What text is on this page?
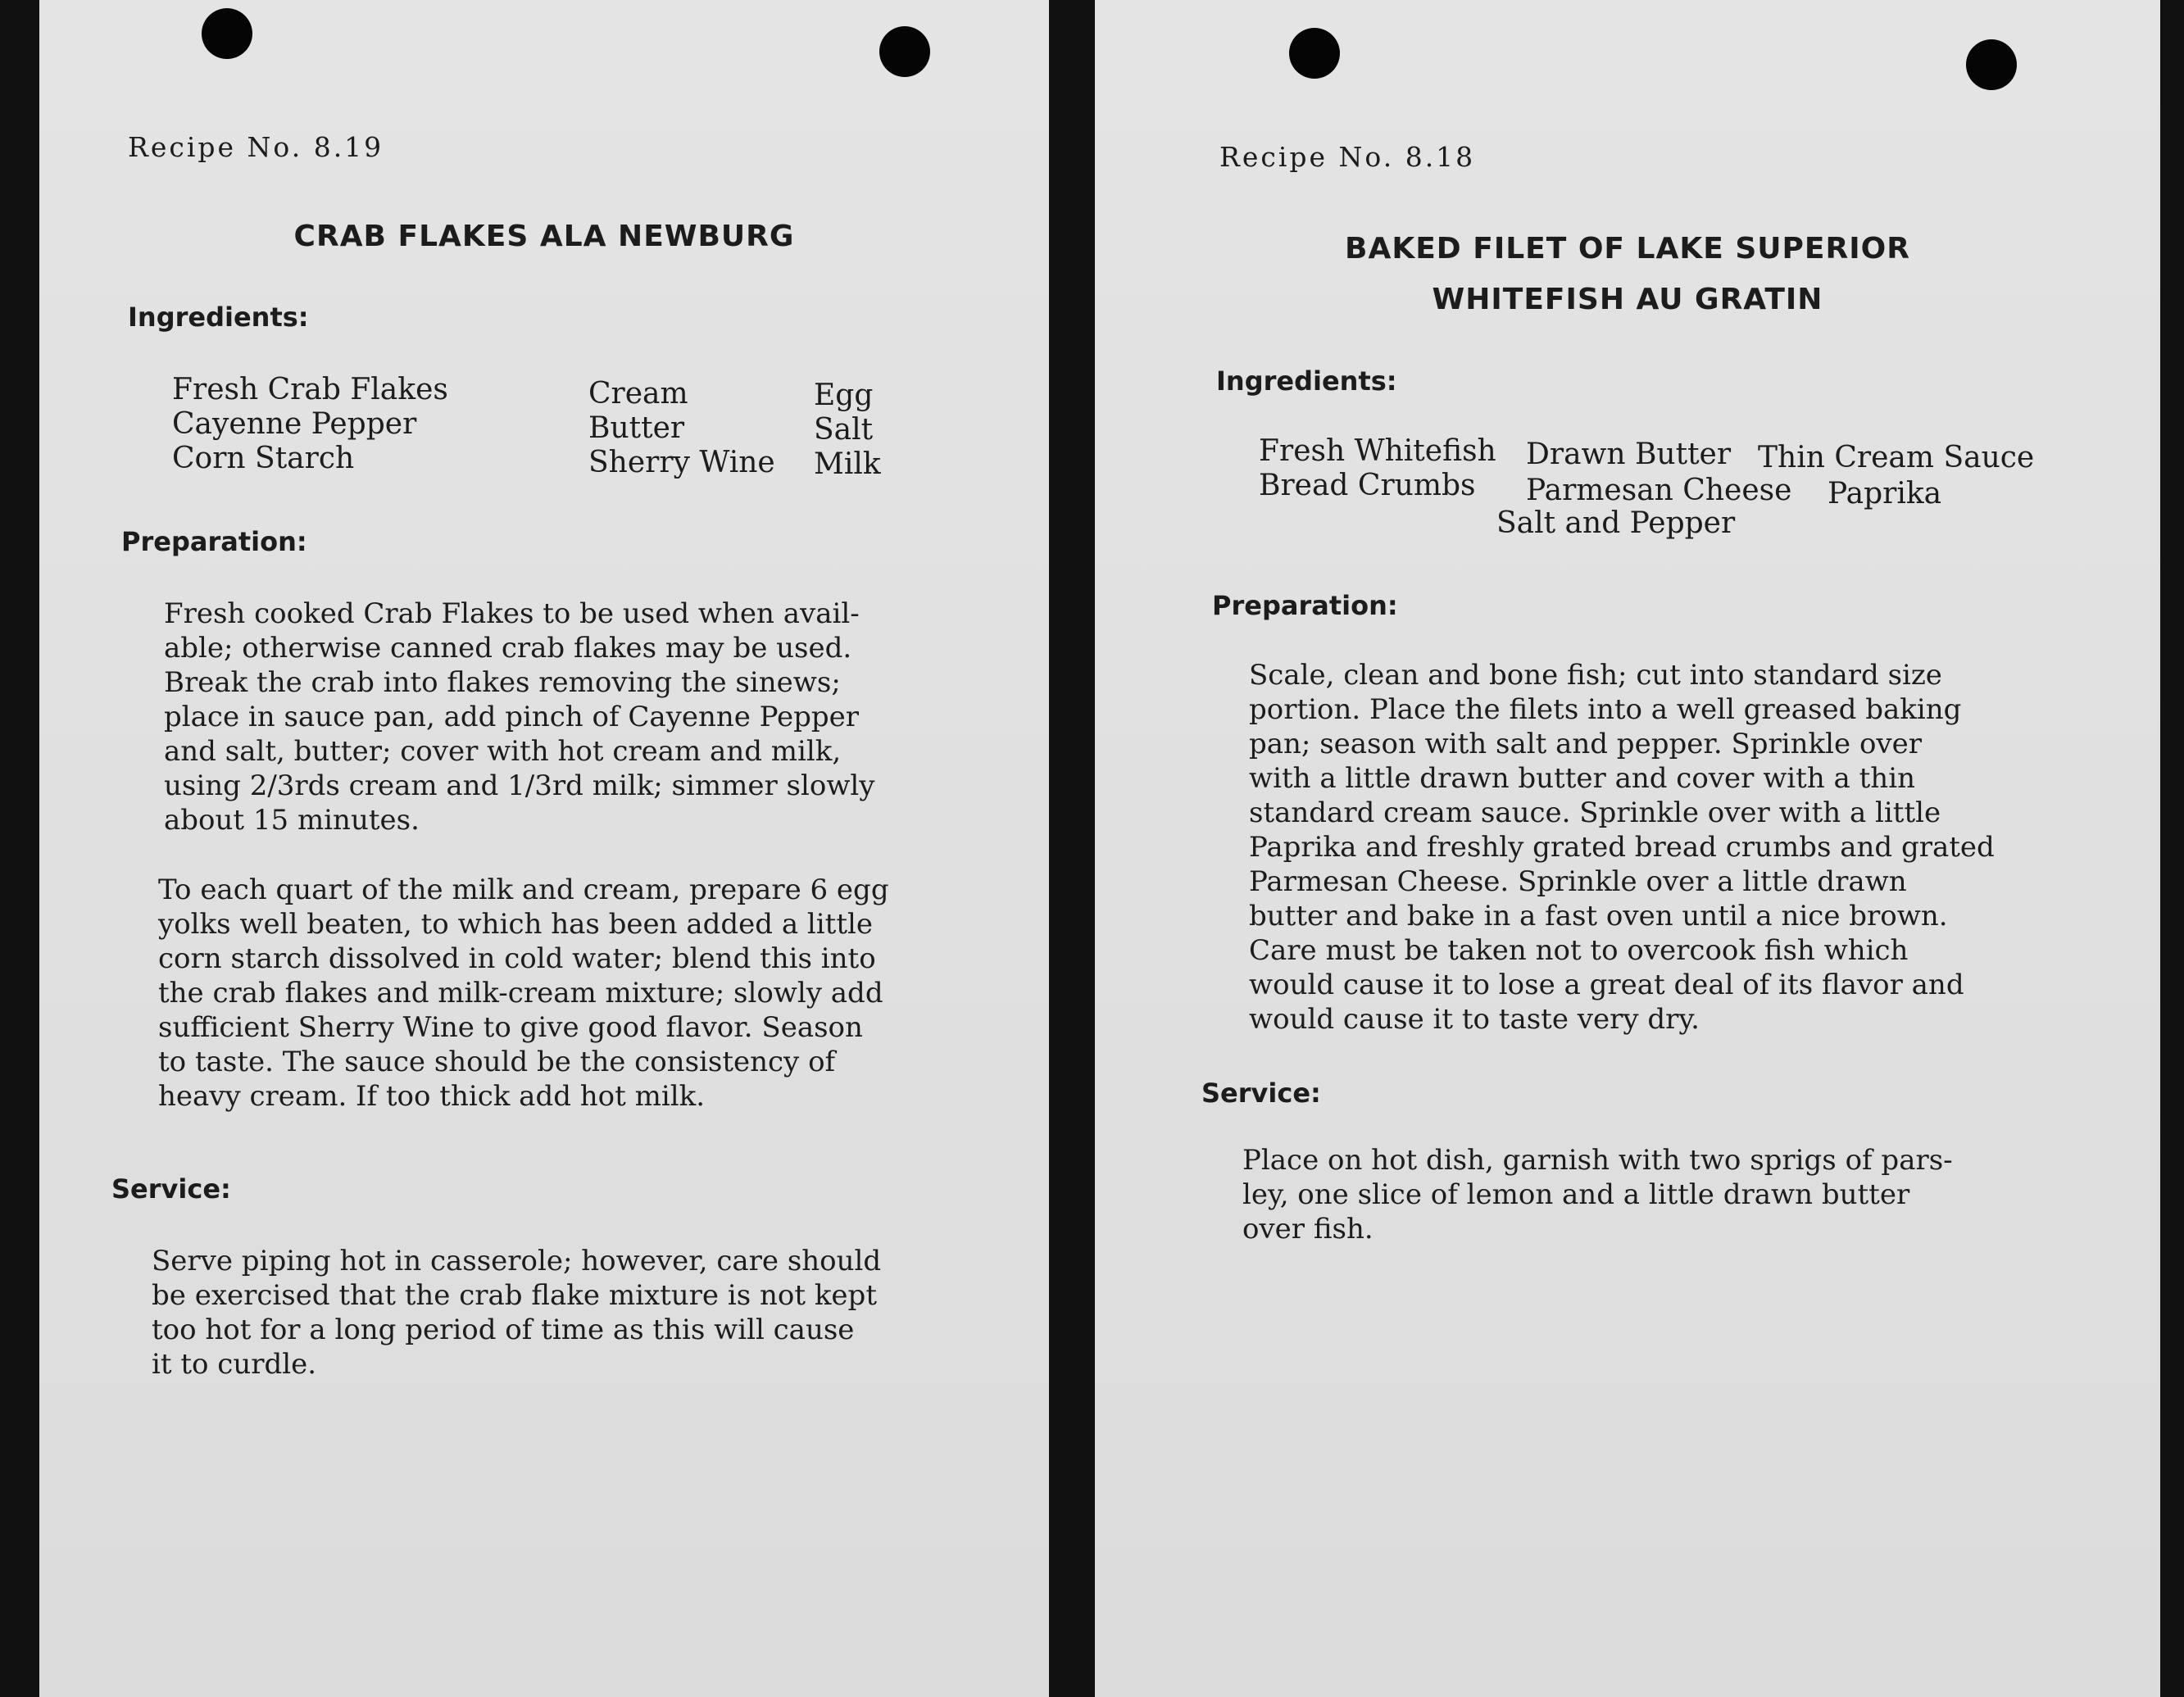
Recipe No. 8.19

CRAB FLAKES ALA NEWBURG

Ingredients:

Fresh Crab Flakes
Cayenne Pepper
Corn Starch
Cream
Butter
Sherry Wine
Egg
Salt
Milk

Preparation:

Fresh cooked Crab Flakes to be used when avail-
able; otherwise canned crab flakes may be used.
Break the crab into flakes removing the sinews;
place in sauce pan, add pinch of Cayenne Pepper
and salt, butter; cover with hot cream and milk,
using 2/3rds cream and 1/3rd milk; simmer slowly
about 15 minutes.

To each quart of the milk and cream, prepare 6 egg
yolks well beaten, to which has been added a little
corn starch dissolved in cold water; blend this into
the crab flakes and milk-cream mixture; slowly add
sufficient Sherry Wine to give good flavor. Season
to taste. The sauce should be the consistency of
heavy cream. If too thick add hot milk.

Service:

Serve piping hot in casserole; however, care should
be exercised that the crab flake mixture is not kept
too hot for a long period of time as this will cause
it to curdle.

Recipe No. 8.18

BAKED FILET OF LAKE SUPERIOR

WHITEFISH AU GRATIN

Ingredients:

Fresh Whitefish Drawn Butter Thin Cream Sauce

Bread Crumbs Parmesan Cheese Paprika

Salt and Pepper

Preparation:

Scale, clean and bone fish; cut into standard size
portion. Place the filets into a well greased baking
pan; season with salt and pepper. Sprinkle over
with a little drawn butter and cover with a thin
standard cream sauce. Sprinkle over with a little
Paprika and freshly grated bread crumbs and grated
Parmesan Cheese. Sprinkle over a little drawn
butter and bake in a fast oven until a nice brown.
Care must be taken not to overcook fish which
would cause it to lose a great deal of its flavor and
would cause it to taste very dry.

Service:

Place on hot dish, garnish with two sprigs of pars-
ley, one slice of lemon and a little drawn butter
over fish.
